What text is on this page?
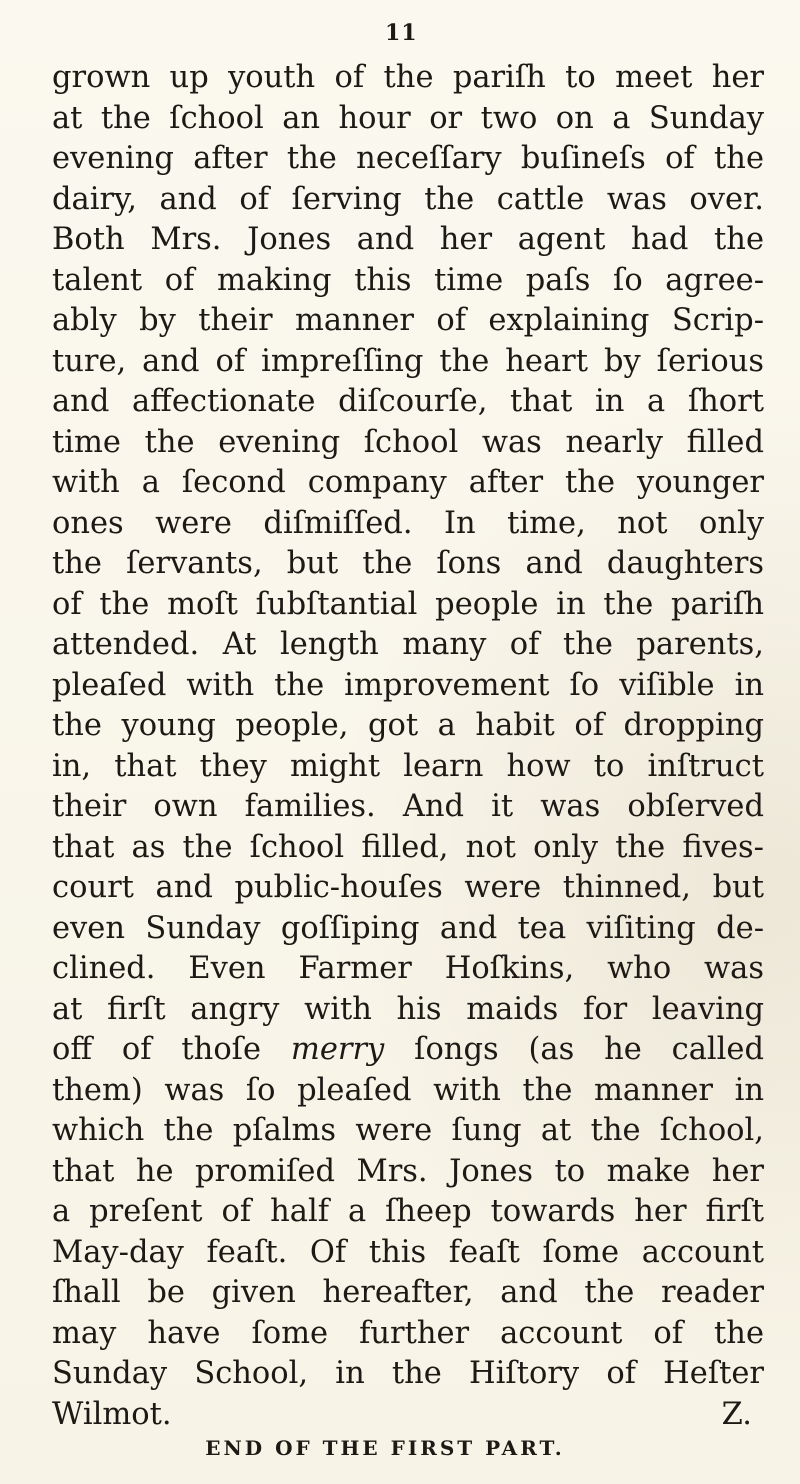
11
grown up youth of the pariſh to meet her
at the ſchool an hour or two on a Sunday
evening after the neceſſary buſineſs of the
dairy, and of ſerving the cattle was over.
Both Mrs. Jones and her agent had the
talent of making this time paſs ſo agree-
ably by their manner of explaining Scrip-
ture, and of impreſſing the heart by ſerious
and affectionate diſcourſe, that in a ſhort
time the evening ſchool was nearly filled
with a ſecond company after the younger
ones were diſmiſſed. In time, not only
the ſervants, but the ſons and daughters
of the moſt ſubſtantial people in the pariſh
attended. At length many of the parents,
pleaſed with the improvement ſo viſible in
the young people, got a habit of dropping
in, that they might learn how to inſtruct
their own families. And it was obſerved
that as the ſchool filled, not only the fives-
court and public-houſes were thinned, but
even Sunday goſſiping and tea viſiting de-
clined. Even Farmer Hoſkins, who was
at firſt angry with his maids for leaving
off of thoſe merry ſongs (as he called
them) was ſo pleaſed with the manner in
which the pſalms were ſung at the ſchool,
that he promiſed Mrs. Jones to make her
a preſent of half a ſheep towards her firſt
May-day feaſt. Of this feaſt ſome account
ſhall be given hereafter, and the reader
may have ſome further account of the
Sunday School, in the Hiſtory of Heſter
Wilmot.	Z.
END OF THE FIRST PART.
